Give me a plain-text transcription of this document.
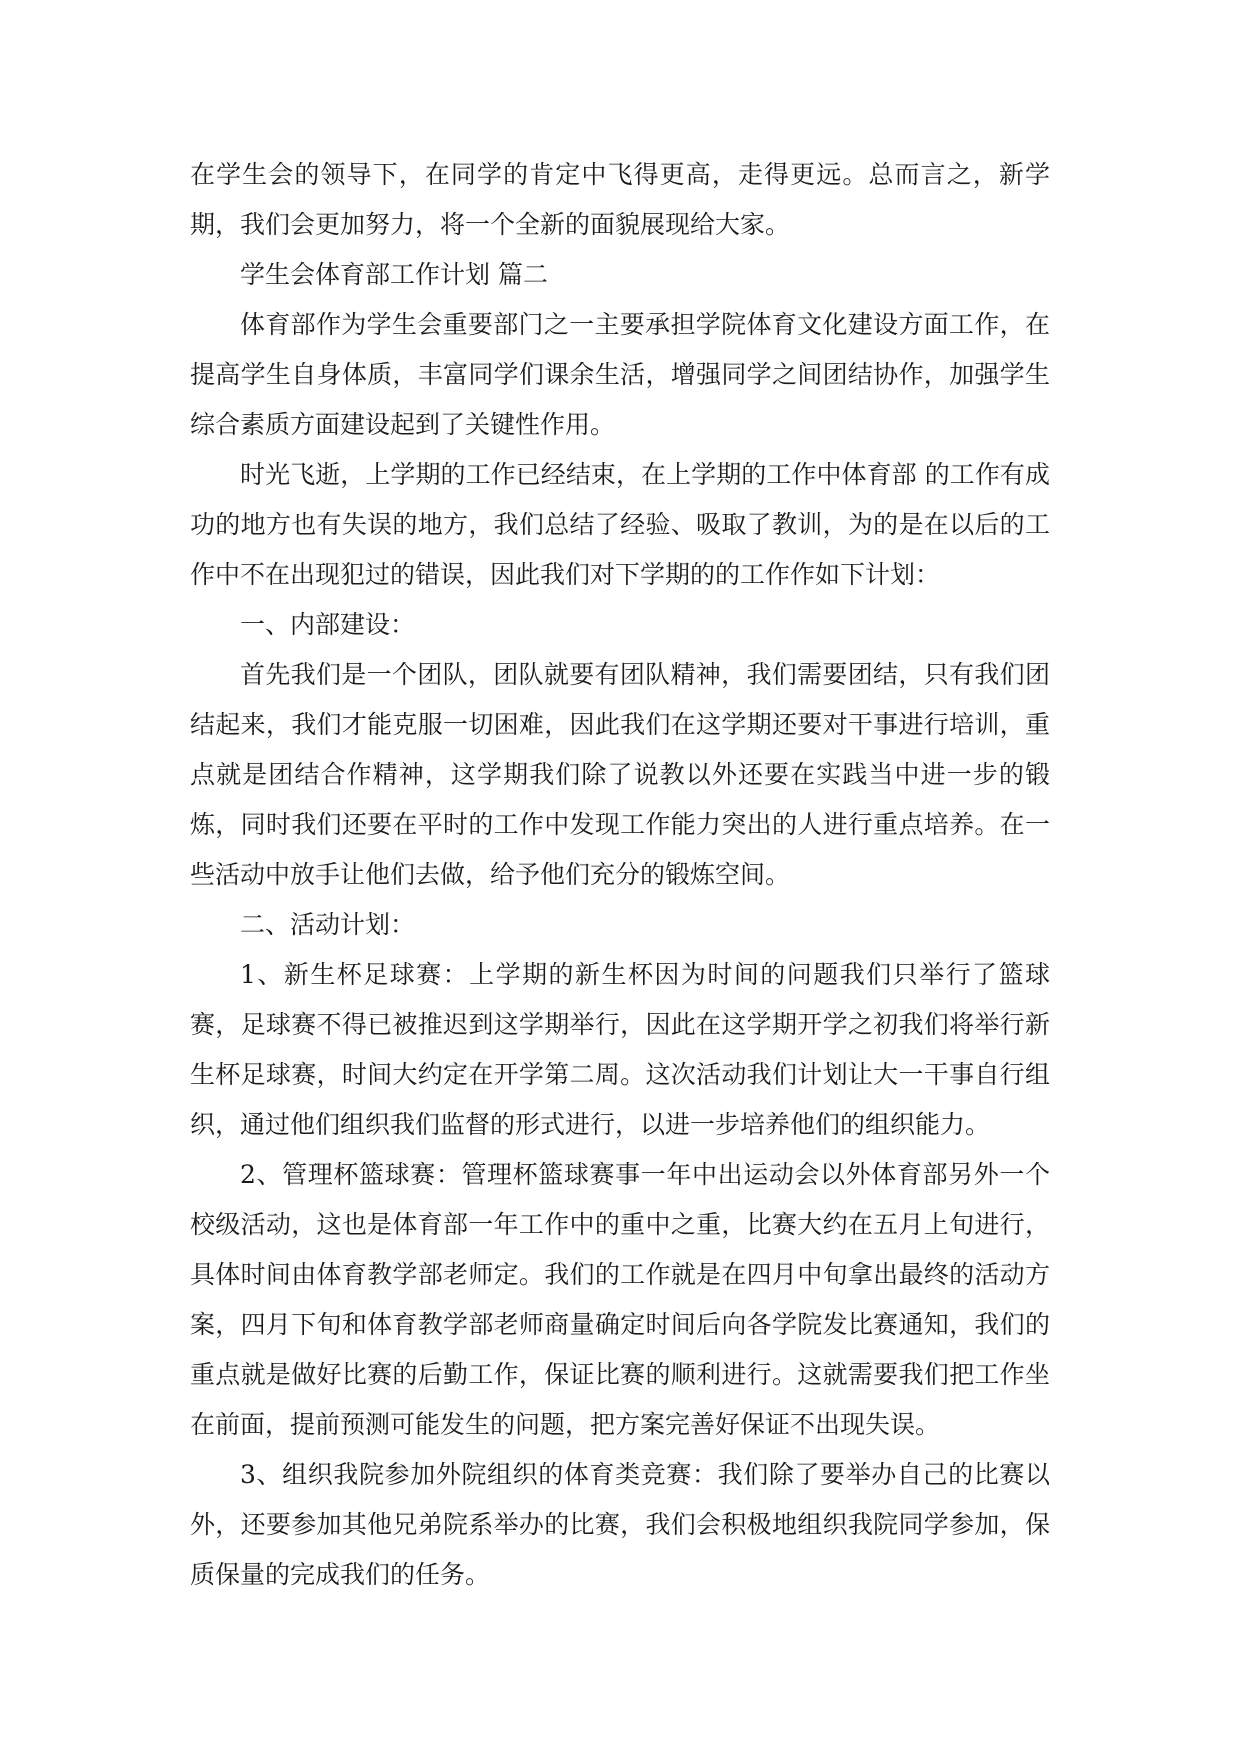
在学生会的领导下，在同学的肯定中飞得更高，走得更远。总而言之，新学期，我们会更加努力，将一个全新的面貌展现给大家。

学生会体育部工作计划 篇二

体育部作为学生会重要部门之一主要承担学院体育文化建设方面工作，在提高学生自身体质，丰富同学们课余生活，增强同学之间团结协作，加强学生综合素质方面建设起到了关键性作用。

时光飞逝，上学期的工作已经结束，在上学期的工作中体育部 的工作有成功的地方也有失误的地方，我们总结了经验、吸取了教训，为的是在以后的工作中不在出现犯过的错误，因此我们对下学期的的工作作如下计划：

一、内部建设：

首先我们是一个团队，团队就要有团队精神，我们需要团结，只有我们团结起来，我们才能克服一切困难，因此我们在这学期还要对干事进行培训，重点就是团结合作精神，这学期我们除了说教以外还要在实践当中进一步的锻炼，同时我们还要在平时的工作中发现工作能力突出的人进行重点培养。在一些活动中放手让他们去做，给予他们充分的锻炼空间。

二、活动计划：

1、新生杯足球赛：上学期的新生杯因为时间的问题我们只举行了篮球赛，足球赛不得已被推迟到这学期举行，因此在这学期开学之初我们将举行新生杯足球赛，时间大约定在开学第二周。这次活动我们计划让大一干事自行组织，通过他们组织我们监督的形式进行，以进一步培养他们的组织能力。

2、管理杯篮球赛：管理杯篮球赛事一年中出运动会以外体育部另外一个校级活动，这也是体育部一年工作中的重中之重，比赛大约在五月上旬进行，具体时间由体育教学部老师定。我们的工作就是在四月中旬拿出最终的活动方案，四月下旬和体育教学部老师商量确定时间后向各学院发比赛通知，我们的重点就是做好比赛的后勤工作，保证比赛的顺利进行。这就需要我们把工作坐在前面，提前预测可能发生的问题，把方案完善好保证不出现失误。

3、组织我院参加外院组织的体育类竞赛：我们除了要举办自己的比赛以外，还要参加其他兄弟院系举办的比赛，我们会积极地组织我院同学参加，保质保量的完成我们的任务。
